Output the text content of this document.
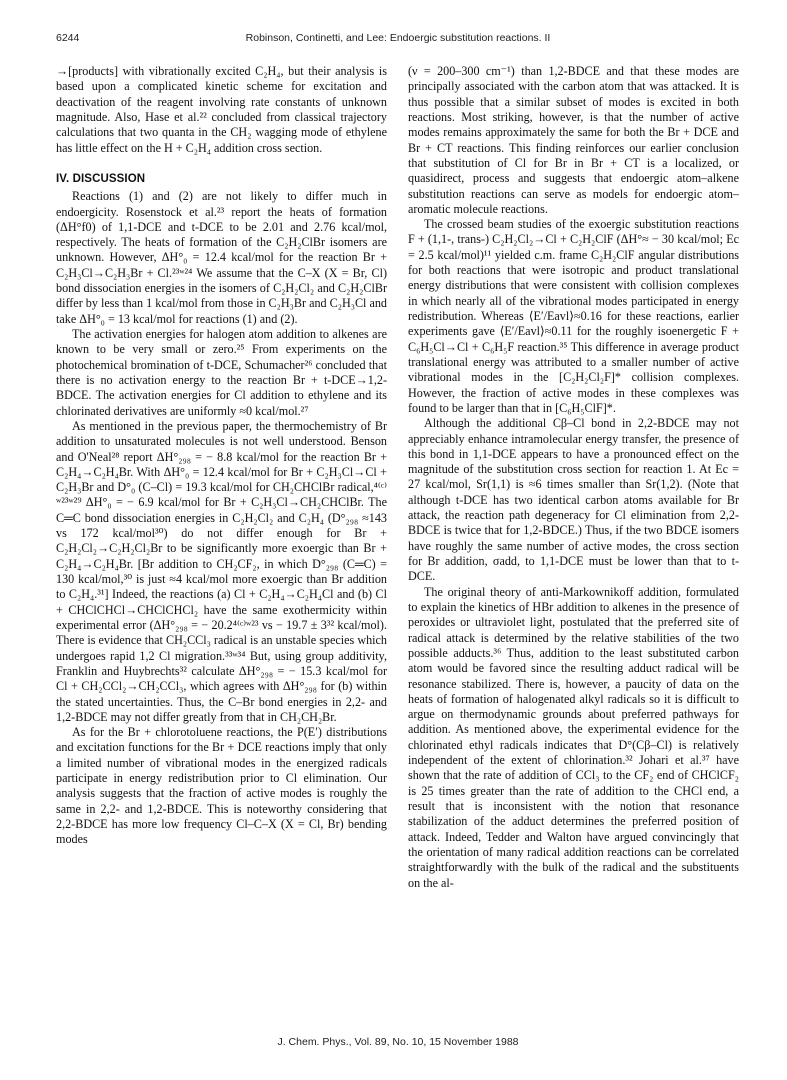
6244	Robinson, Continetti, and Lee: Endoergic substitution reactions. II

→[products] with vibrationally excited C₂H₄, but their analysis is based upon a complicated kinetic scheme for excitation and deactivation of the reagent involving rate constants of unknown magnitude. Also, Hase et al.²² concluded from classical trajectory calculations that two quanta in the CH₂ wagging mode of ethylene has little effect on the H + C₂H₄ addition cross section.

IV. DISCUSSION

Reactions (1) and (2) are not likely to differ much in endoergicity. Rosenstock et al.²³ report the heats of formation (ΔH°f0) of 1,1-DCE and t-DCE to be 2.01 and 2.76 kcal/mol, respectively. The heats of formation of the C₂H₂ClBr isomers are unknown. However, ΔH°₀ = 12.4 kcal/mol for the reaction Br + C₂H₃Cl→C₂H₃Br + Cl.²³ʷ²⁴ We assume that the C–X (X = Br, Cl) bond dissociation energies in the isomers of C₂H₂Cl₂ and C₂H₂ClBr differ by less than 1 kcal/mol from those in C₂H₃Br and C₂H₃Cl and take ΔH°₀ = 13 kcal/mol for reactions (1) and (2).

The activation energies for halogen atom addition to alkenes are known to be very small or zero.²⁵ From experiments on the photochemical bromination of t-DCE, Schumacher²⁶ concluded that there is no activation energy to the reaction Br + t-DCE→1,2-BDCE. The activation energies for Cl addition to ethylene and its chlorinated derivatives are uniformly ≈0 kcal/mol.²⁷

As mentioned in the previous paper, the thermochemistry of Br addition to unsaturated molecules is not well understood. Benson and O'Neal²⁸ report ΔH°₂₉₈ = − 8.8 kcal/mol for the reaction Br + C₂H₄→C₂H₄Br. With ΔH°₀ = 12.4 kcal/mol for Br + C₂H₃Cl→Cl + C₂H₃Br and D°₀ (C–Cl) = 19.3 kcal/mol for CH₂CHClBr radical,⁴⁽ᶜ⁾ʷ²³ʷ²⁹ ΔH°₀ = − 6.9 kcal/mol for Br + C₂H₃Cl→CH₂CHClBr. The C═C bond dissociation energies in C₂H₂Cl₂ and C₂H₄ (D°₂₉₈ ≈143 vs 172 kcal/mol³⁰) do not differ enough for Br + C₂H₂Cl₂→C₂H₂Cl₂Br to be significantly more exoergic than Br + C₂H₄→C₂H₄Br. [Br addition to CH₂CF₂, in which D°₂₉₈ (C═C) = 130 kcal/mol,³⁰ is just ≈4 kcal/mol more exoergic than Br addition to C₂H₄.³¹] Indeed, the reactions (a) Cl + C₂H₄→C₂H₄Cl and (b) Cl + CHClCHCl→CHClCHCl₂ have the same exothermicity within experimental error (ΔH°₂₉₈ = − 20.2⁴⁽ᶜ⁾ʷ²³ vs − 19.7 ± 3³² kcal/mol). There is evidence that CH₂CCl₃ radical is an unstable species which undergoes rapid 1,2 Cl migration.³³ʷ³⁴ But, using group additivity, Franklin and Huybrechts³² calculate ΔH°₂₉₈ = − 15.3 kcal/mol for Cl + CH₂CCl₂→CH₂CCl₃, which agrees with ΔH°₂₉₈ for (b) within the stated uncertainties. Thus, the C–Br bond energies in 2,2- and 1,2-BDCE may not differ greatly from that in CH₂CH₂Br.

As for the Br + chlorotoluene reactions, the P(E′) distributions and excitation functions for the Br + DCE reactions imply that only a limited number of vibrational modes in the energized radicals participate in energy redistribution prior to Cl elimination. Our analysis suggests that the fraction of active modes is roughly the same in 2,2- and 1,2-BDCE. This is noteworthy considering that 2,2-BDCE has more low frequency Cl–C–X (X = Cl, Br) bending modes

(ν = 200–300 cm⁻¹) than 1,2-BDCE and that these modes are principally associated with the carbon atom that was attacked. It is thus possible that a similar subset of modes is excited in both reactions. Most striking, however, is that the number of active modes remains approximately the same for both the Br + DCE and Br + CT reactions. This finding reinforces our earlier conclusion that substitution of Cl for Br in Br + CT is a localized, or quasidirect, process and suggests that endoergic atom–alkene substitution reactions can serve as models for endoergic atom–aromatic molecule reactions.

The crossed beam studies of the exoergic substitution reactions F + (1,1-, trans-) C₂H₂Cl₂→Cl + C₂H₂ClF (ΔH°≈ − 30 kcal/mol; Ec = 2.5 kcal/mol)¹¹ yielded c.m. frame C₂H₂ClF angular distributions for both reactions that were isotropic and product translational energy distributions that were consistent with collision complexes in which nearly all of the vibrational modes participated in energy redistribution. Whereas ⟨E′/Eavl⟩≈0.16 for these reactions, earlier experiments gave ⟨E′/Eavl⟩≈0.11 for the roughly isoenergetic F + C₆H₅Cl→Cl + C₆H₅F reaction.³⁵ This difference in average product translational energy was attributed to a smaller number of active vibrational modes in the [C₂H₂Cl₂F]* collision complexes. However, the fraction of active modes in these complexes was found to be larger than that in [C₆H₅ClF]*.

Although the additional Cβ–Cl bond in 2,2-BDCE may not appreciably enhance intramolecular energy transfer, the presence of this bond in 1,1-DCE appears to have a pronounced effect on the magnitude of the substitution cross section for reaction 1. At Ec = 27 kcal/mol, Sr(1,1) is ≈6 times smaller than Sr(1,2). (Note that although t-DCE has two identical carbon atoms available for Br attack, the reaction path degeneracy for Cl elimination from 2,2-BDCE is twice that for 1,2-BDCE.) Thus, if the two BDCE isomers have roughly the same number of active modes, the cross section for Br addition, σadd, to 1,1-DCE must be lower than that to t-DCE.

The original theory of anti-Markownikoff addition, formulated to explain the kinetics of HBr addition to alkenes in the presence of peroxides or ultraviolet light, postulated that the preferred site of radical attack is determined by the relative stabilities of the two possible adducts.³⁶ Thus, addition to the least substituted carbon atom would be favored since the resulting adduct radical will be resonance stabilized. There is, however, a paucity of data on the heats of formation of halogenated alkyl radicals so it is difficult to argue on thermodynamic grounds about preferred pathways for addition. As mentioned above, the experimental evidence for the chlorinated ethyl radicals indicates that D°(Cβ–Cl) is relatively independent of the extent of chlorination.³² Johari et al.³⁷ have shown that the rate of addition of CCl₃ to the CF₂ end of CHClCF₂ is 25 times greater than the rate of addition to the CHCl end, a result that is inconsistent with the notion that resonance stabilization of the adduct determines the preferred position of attack. Indeed, Tedder and Walton have argued convincingly that the orientation of many radical addition reactions can be correlated straightforwardly with the bulk of the radical and the substituents on the al-

J. Chem. Phys., Vol. 89, No. 10, 15 November 1988
